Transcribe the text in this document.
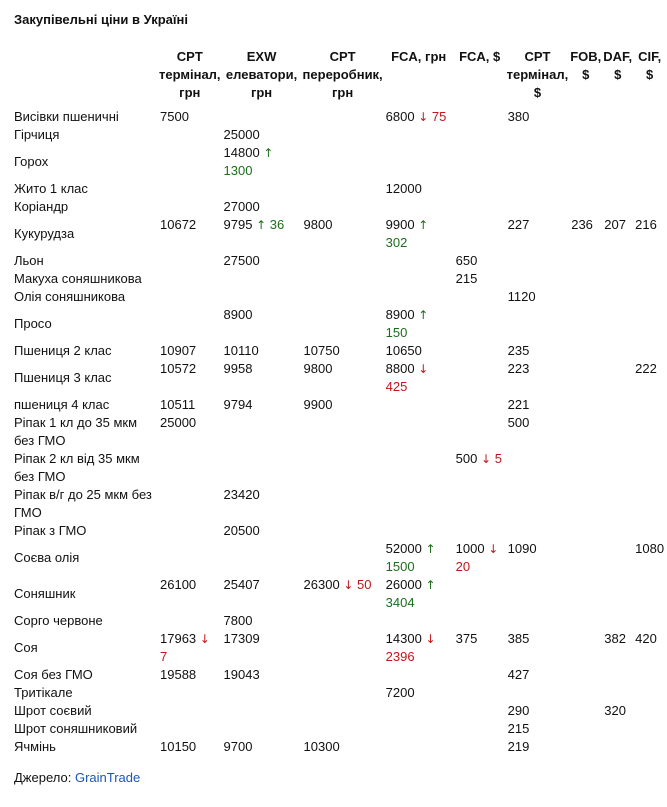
Закупівельні ціни в Україні
	CPT термінал, грн	EXW елеватори, грн	CPT переробник, грн	FCA, грн	FCA, $	CPT термінал, $	FOB, $	DAF, $	CIF, $
Висівки пшеничні	7500			6800 ↓ 75		380			
Гірчиця		25000							
Горох		14800 ↑ 1300							
Жито 1 клас				12000					
Коріандр		27000							
Кукурудза	10672	9795 ↑ 36	9800	9900 ↑ 302		227	236	207	216
Льон		27500			650				
Макуха соняшникова					215				
Олія соняшникова						1120			
Просо		8900		8900 ↑ 150					
Пшениця 2 клас	10907	10110	10750	10650		235			
Пшениця 3 клас	10572	9958	9800	8800 ↓ 425		223			222
пшениця 4 клас	10511	9794	9900			221			
Ріпак 1 кл до 35 мкм без ГМО	25000					500			
Ріпак 2 кл від 35 мкм без ГМО					500 ↓ 5				
Ріпак в/г до 25 мкм без ГМО		23420							
Ріпак з ГМО		20500							
Соєва олія				52000 ↑ 1500	1000 ↓ 20	1090			1080
Соняшник	26100	25407	26300 ↓ 50	26000 ↑ 3404					
Сорго червоне		7800							
Соя	17963 ↓ 7	17309		14300 ↓ 2396	375	385		382	420
Соя без ГМО	19588	19043				427			
Тритікале				7200					
Шрот соєвий						290		320	
Шрот соняшниковий						215			
Ячмінь	10150	9700	10300			219			
Джерело: GrainTrade
